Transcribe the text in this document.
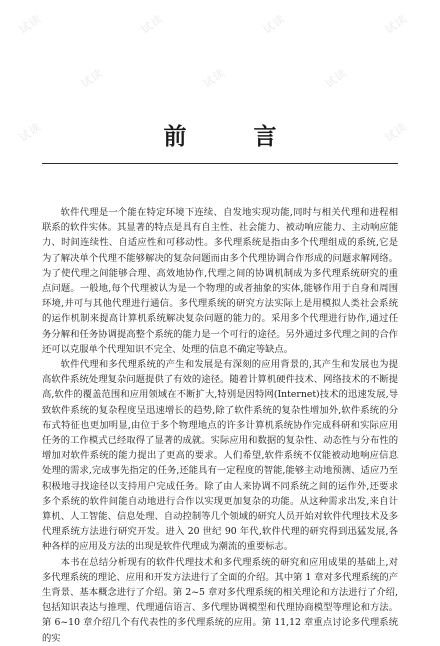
试读	试读	试读	试读
试读	试读	试读
试读	试读
前　言

软件代理是一个能在特定环境下连续、自发地实现功能,同时与相关代理和进程相联系的软件实体。其显著的特点是具有自主性、社会能力、被动响应能力、主动响应能力、时间连续性、自适应性和可移动性。多代理系统是指由多个代理组成的系统,它是为了解决单个代理不能够解决的复杂问题而由多个代理协调合作形成的问题求解网络。为了使代理之间能够合理、高效地协作,代理之间的协调机制成为多代理系统研究的重点问题。一般地,每个代理被认为是一个物理的或者抽象的实体,能够作用于自身和周围环境,并可与其他代理进行通信。多代理系统的研究方法实际上是用模拟人类社会系统的运作机制来提高计算机系统解决复杂问题的能力的。采用多个代理进行协作,通过任务分解和任务协调提高整个系统的能力是一个可行的途径。另外通过多代理之间的合作还可以克服单个代理知识不完全、处理的信息不确定等缺点。

软件代理和多代理系统的产生和发展是有深刻的应用背景的,其产生和发展也为提高软件系统处理复杂问题提供了有效的途径。随着计算机硬件技术、网络技术的不断提高,软件的覆盖范围和应用领域在不断扩大,特别是因特网(Internet)技术的迅速发展,导致软件系统的复杂程度呈迅速增长的趋势,除了软件系统的复杂性增加外,软件系统的分布式特征也更加明显,由位于多个物理地点的许多计算机系统协作完成科研和实际应用任务的工作模式已经取得了显著的成就。实际应用和数据的复杂性、动态性与分布性的增加对软件系统的能力提出了更高的要求。人们希望,软件系统不仅能被动地响应信息处理的需求,完成事先指定的任务,还能具有一定程度的智能,能够主动地预测、适应乃至积极地寻找途径以支持用户完成任务。除了由人来协调不同系统之间的运作外,还要求多个系统的软件间能自动地进行合作以实现更加复杂的功能。从这种需求出发,来自计算机、人工智能、信息处理、自动控制等几个领域的研究人员开始对软件代理技术及多代理系统方法进行研究开发。进入 20 世纪 90 年代,软件代理的研究得到迅猛发展,各种各样的应用及方法的出现是软件代理成为潮流的重要标志。

本书在总结分析现有的软件代理技术和多代理系统的研究和应用成果的基础上,对多代理系统的理论、应用和开发方法进行了全面的介绍。其中第 1 章对多代理系统的产生背景、基本概念进行了介绍。第 2~5 章对多代理系统的相关理论和方法进行了介绍,包括知识表达与推理、代理通信语言、多代理协调模型和代理协商模型等理论和方法。第 6~10 章介绍几个有代表性的多代理系统的应用。第 11,12 章重点讨论多代理系统的实
